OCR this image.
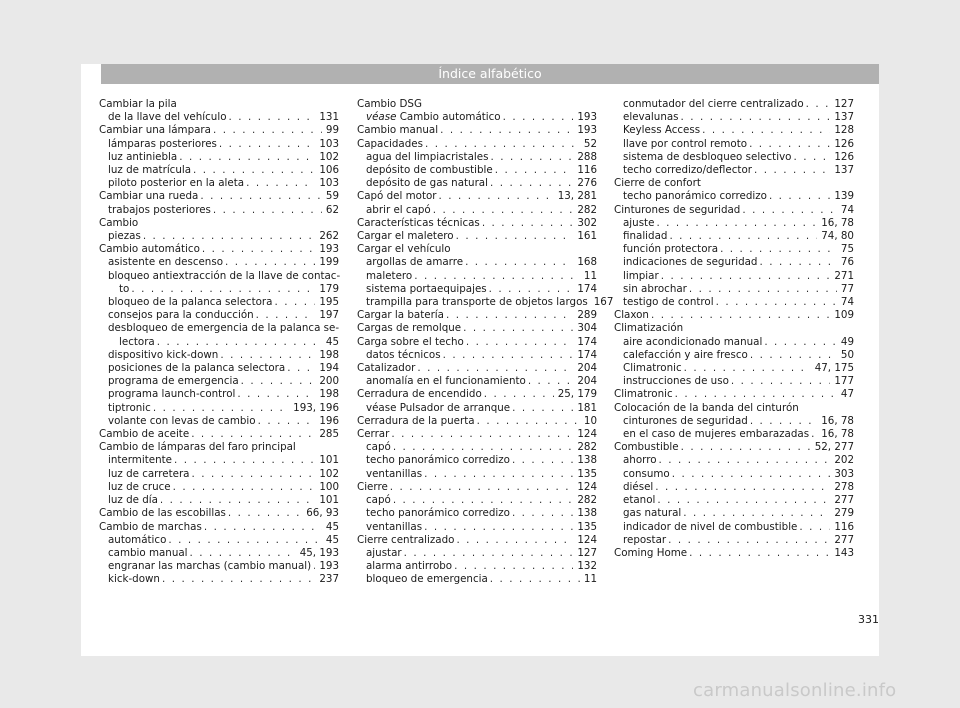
Índice alfabético
Cambiar la pila
de la llave del vehículo . . .	131
Cambiar una lámpara . . .	99
lámparas posteriores . . .	103
luz antiniebla . . .	102
luz de matrícula . . .	106
piloto posterior en la aleta . . .	103
Cambiar una rueda . . .	59
trabajos posteriores . . .	62
Cambio
piezas . . .	262
Cambio automático . . .	193
asistente en descenso . . .	199
bloqueo antiextracción de la llave de contac-
to . . .	179
bloqueo de la palanca selectora . . .	195
consejos para la conducción . . .	197
desbloqueo de emergencia de la palanca se-
lectora . . .	45
dispositivo kick-down . . .	198
posiciones de la palanca selectora . . .	194
programa de emergencia . . .	200
programa launch-control . . .	198
tiptronic . . .	193, 196
volante con levas de cambio . . .	196
Cambio de aceite . . .	285
Cambio de lámparas del faro principal
intermitente . . .	101
luz de carretera . . .	102
luz de cruce . . .	100
luz de día . . .	101
Cambio de las escobillas . . .	66, 93
Cambio de marchas . . .	45
automático . . .	45
cambio manual . . .	45, 193
engranar las marchas (cambio manual) . . . 193
kick-down . . .	237
Cambio DSG
véase Cambio automático . . .	193
Cambio manual . . .	193
Capacidades . . .	52
agua del limpiacristales . . .	288
depósito de combustible . . .	116
depósito de gas natural . . .	276
Capó del motor . . .	13, 281
abrir el capó . . .	282
Características técnicas . . .	302
Cargar el maletero . . .	161
Cargar el vehículo
argollas de amarre . . .	168
maletero . . .	11
sistema portaequipajes . . .	174
trampilla para transporte de objetos largos 167
Cargar la batería . . .	289
Cargas de remolque . . .	304
Carga sobre el techo . . .	174
datos técnicos . . .	174
Catalizador . . .	204
anomalía en el funcionamiento . . .	204
Cerradura de encendido . . .	25, 179
véase Pulsador de arranque . . .	181
Cerradura de la puerta . . .	10
Cerrar . . .	124
capó . . .	282
techo panorámico corredizo . . .	138
ventanillas . . .	135
Cierre . . .	124
capó . . .	282
techo panorámico corredizo . . .	138
ventanillas . . .	135
Cierre centralizado . . .	124
ajustar . . .	127
alarma antirrobo . . .	132
bloqueo de emergencia . . .	11
conmutador del cierre centralizado . . .	127
elevalunas . . .	137
Keyless Access . . .	128
llave por control remoto . . .	126
sistema de desbloqueo selectivo . . .	126
techo corredizo/deflector . . .	137
Cierre de confort
techo panorámico corredizo . . .	139
Cinturones de seguridad . . .	74
ajuste . . .	16, 78
finalidad . . .	74, 80
función protectora . . .	75
indicaciones de seguridad . . .	76
limpiar . . .	271
sin abrochar . . .	77
testigo de control . . .	74
Claxon . . .	109
Climatización
aire acondicionado manual . . .	49
calefacción y aire fresco . . .	50
Climatronic . . .	47, 175
instrucciones de uso . . .	177
Climatronic . . .	47
Colocación de la banda del cinturón
cinturones de seguridad . . .	16, 78
en el caso de mujeres embarazadas . . . 16, 78
Combustible . . .	52, 277
ahorro . . .	202
consumo . . .	303
diésel . . .	278
etanol . . .	277
gas natural . . .	279
indicador de nivel de combustible . . .	116
repostar . . .	277
Coming Home . . .	143
331
carmanualsonline.info
